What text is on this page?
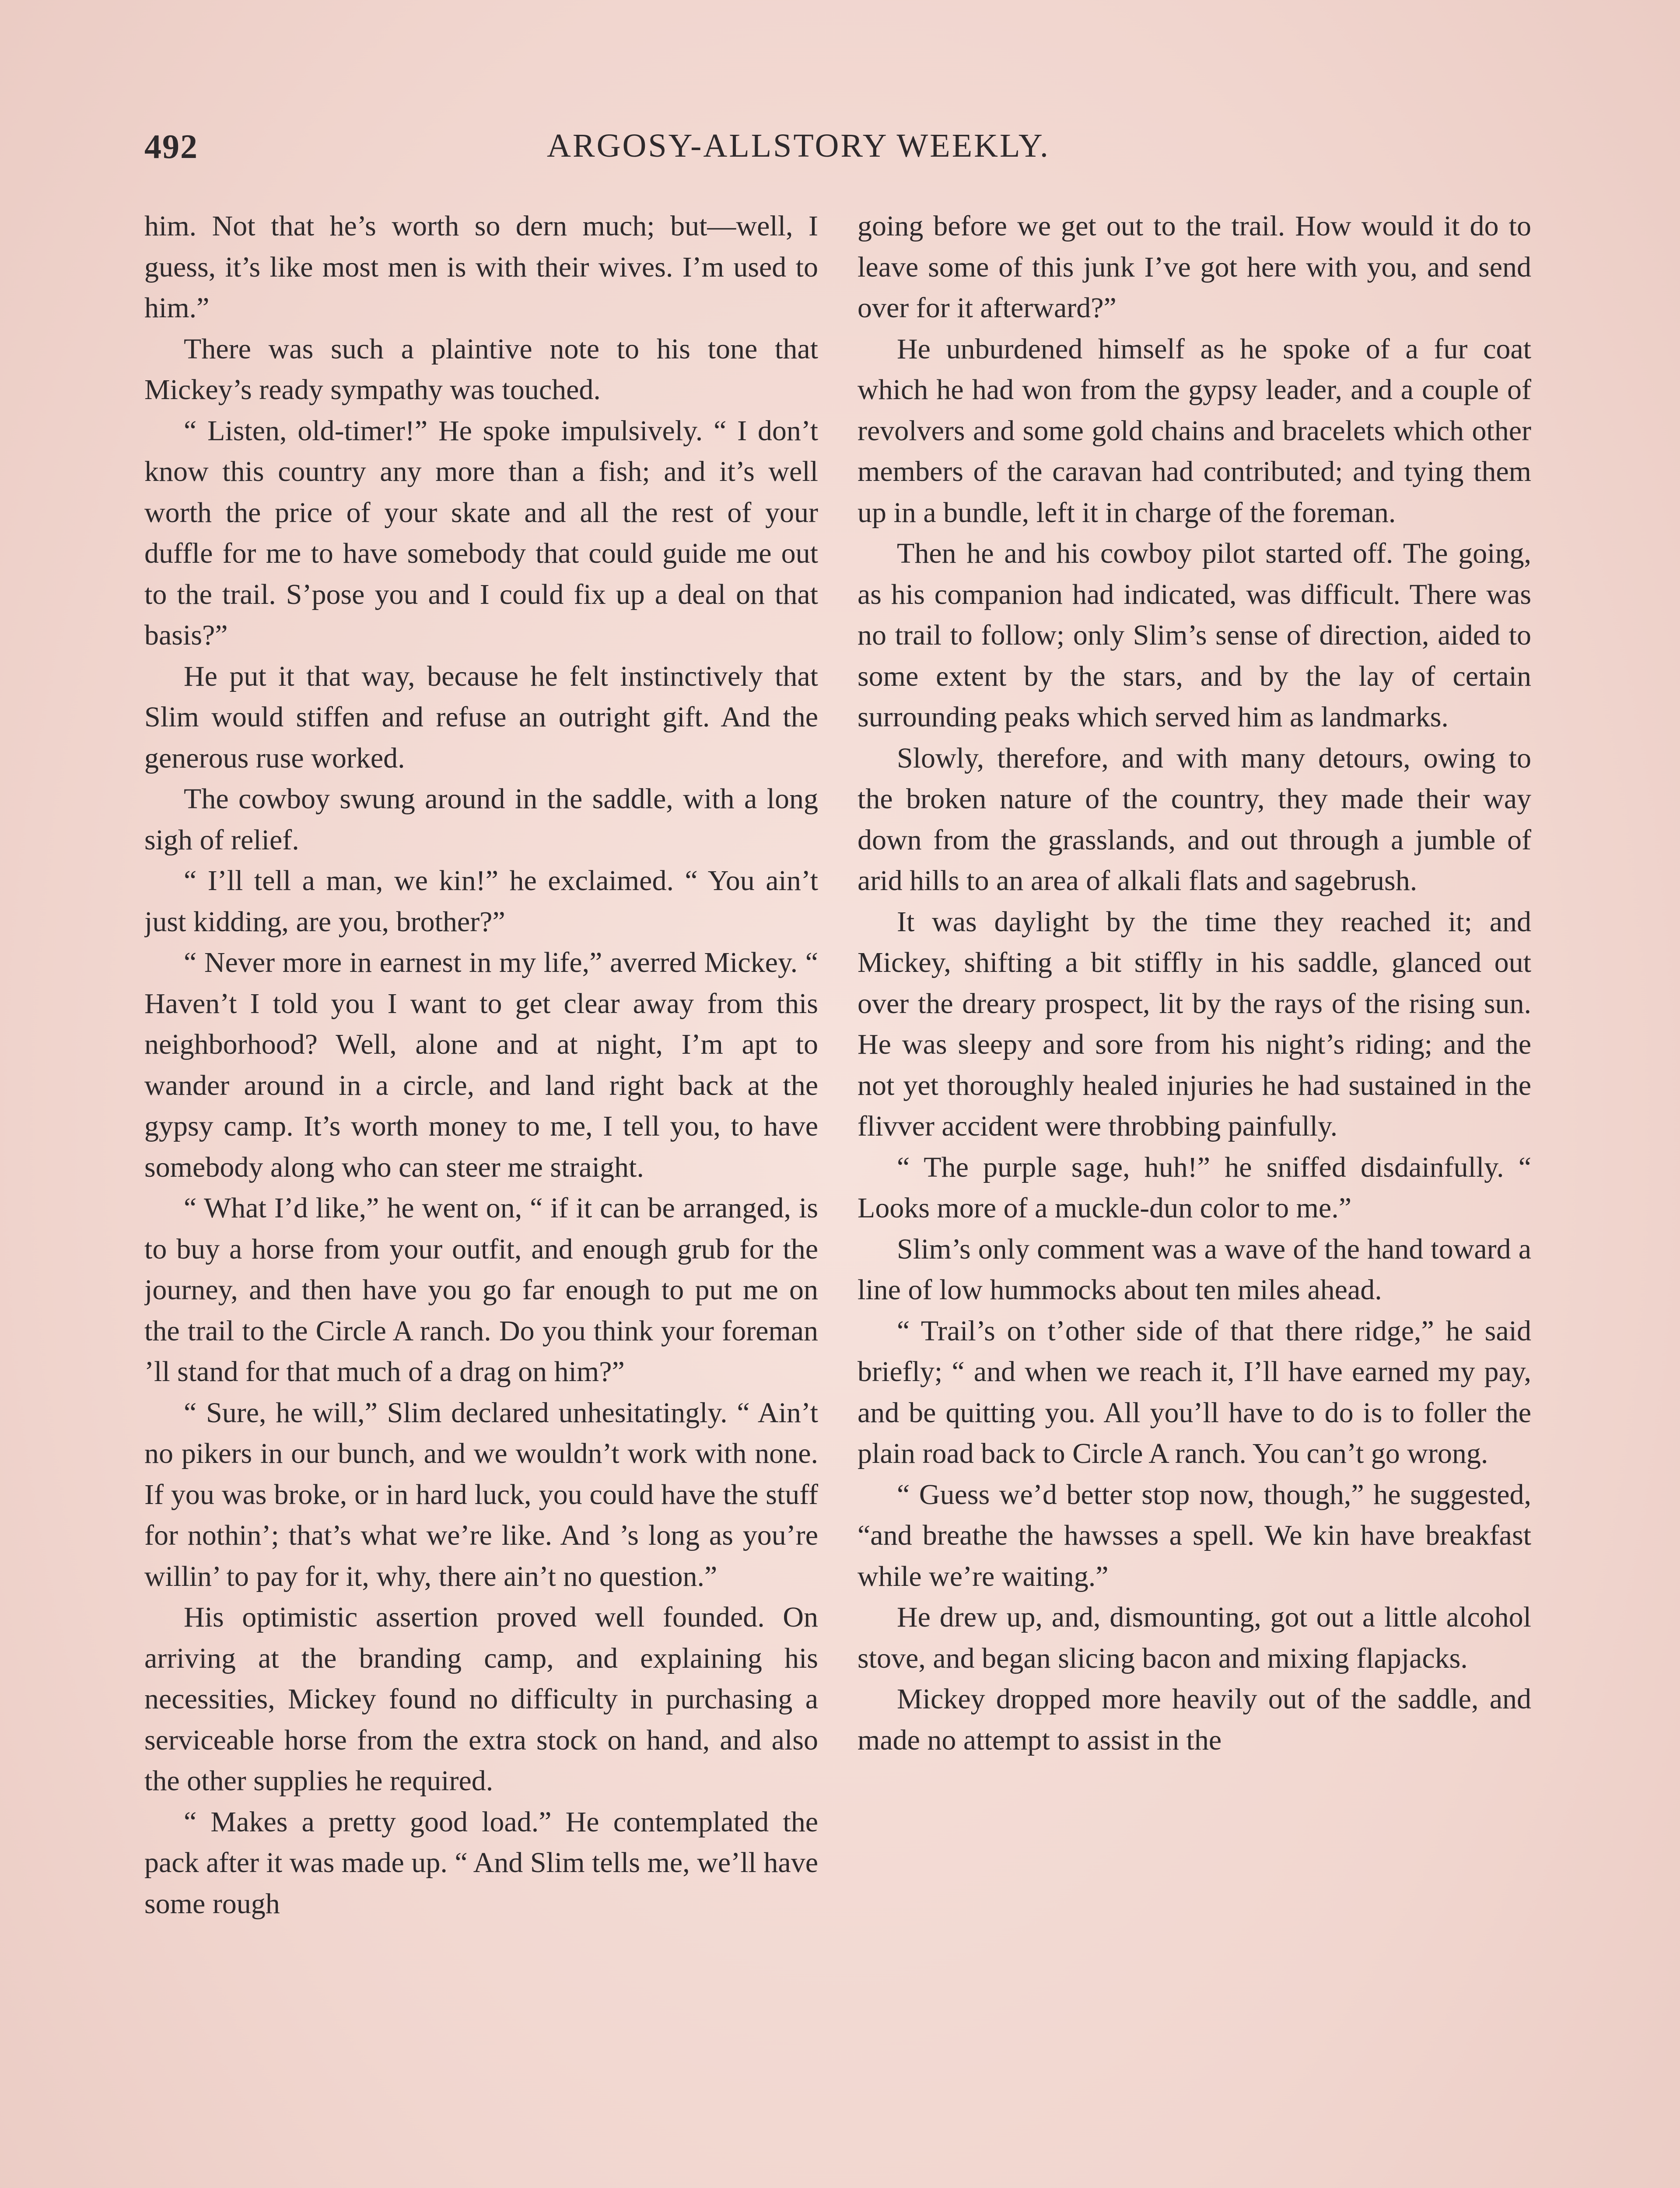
492	ARGOSY-ALLSTORY WEEKLY.

him. Not that he’s worth so dern much; but—well, I guess, it’s like most men is with their wives. I’m used to him.”

There was such a plaintive note to his tone that Mickey’s ready sympathy was touched.

“ Listen, old-timer!” He spoke impulsively. “ I don’t know this country any more than a fish; and it’s well worth the price of your skate and all the rest of your duffle for me to have somebody that could guide me out to the trail. S’pose you and I could fix up a deal on that basis?”

He put it that way, because he felt instinctively that Slim would stiffen and refuse an outright gift. And the generous ruse worked.

The cowboy swung around in the saddle, with a long sigh of relief.

“ I’ll tell a man, we kin!” he exclaimed. “ You ain’t just kidding, are you, brother?”

“ Never more in earnest in my life,” averred Mickey. “ Haven’t I told you I want to get clear away from this neighborhood? Well, alone and at night, I’m apt to wander around in a circle, and land right back at the gypsy camp. It’s worth money to me, I tell you, to have somebody along who can steer me straight.

“ What I’d like,” he went on, “ if it can be arranged, is to buy a horse from your outfit, and enough grub for the journey, and then have you go far enough to put me on the trail to the Circle A ranch. Do you think your foreman ’ll stand for that much of a drag on him?”

“ Sure, he will,” Slim declared unhesitatingly. “ Ain’t no pikers in our bunch, and we wouldn’t work with none. If you was broke, or in hard luck, you could have the stuff for nothin’; that’s what we’re like. And ’s long as you’re willin’ to pay for it, why, there ain’t no question.”

His optimistic assertion proved well founded. On arriving at the branding camp, and explaining his necessities, Mickey found no difficulty in purchasing a serviceable horse from the extra stock on hand, and also the other supplies he required.

“ Makes a pretty good load.” He contemplated the pack after it was made up. “ And Slim tells me, we’ll have some rough

going before we get out to the trail. How would it do to leave some of this junk I’ve got here with you, and send over for it afterward?”

He unburdened himself as he spoke of a fur coat which he had won from the gypsy leader, and a couple of revolvers and some gold chains and bracelets which other members of the caravan had contributed; and tying them up in a bundle, left it in charge of the foreman.

Then he and his cowboy pilot started off. The going, as his companion had indicated, was difficult. There was no trail to follow; only Slim’s sense of direction, aided to some extent by the stars, and by the lay of certain surrounding peaks which served him as landmarks.

Slowly, therefore, and with many detours, owing to the broken nature of the country, they made their way down from the grasslands, and out through a jumble of arid hills to an area of alkali flats and sagebrush.

It was daylight by the time they reached it; and Mickey, shifting a bit stiffly in his saddle, glanced out over the dreary prospect, lit by the rays of the rising sun. He was sleepy and sore from his night’s riding; and the not yet thoroughly healed injuries he had sustained in the flivver accident were throbbing painfully.

“ The purple sage, huh!” he sniffed disdainfully. “ Looks more of a muckle-dun color to me.”

Slim’s only comment was a wave of the hand toward a line of low hummocks about ten miles ahead.

“ Trail’s on t’other side of that there ridge,” he said briefly; “ and when we reach it, I’ll have earned my pay, and be quitting you. All you’ll have to do is to foller the plain road back to Circle A ranch. You can’t go wrong.

“ Guess we’d better stop now, though,” he suggested, “and breathe the hawsses a spell. We kin have breakfast while we’re waiting.”

He drew up, and, dismounting, got out a little alcohol stove, and began slicing bacon and mixing flapjacks.

Mickey dropped more heavily out of the saddle, and made no attempt to assist in the
